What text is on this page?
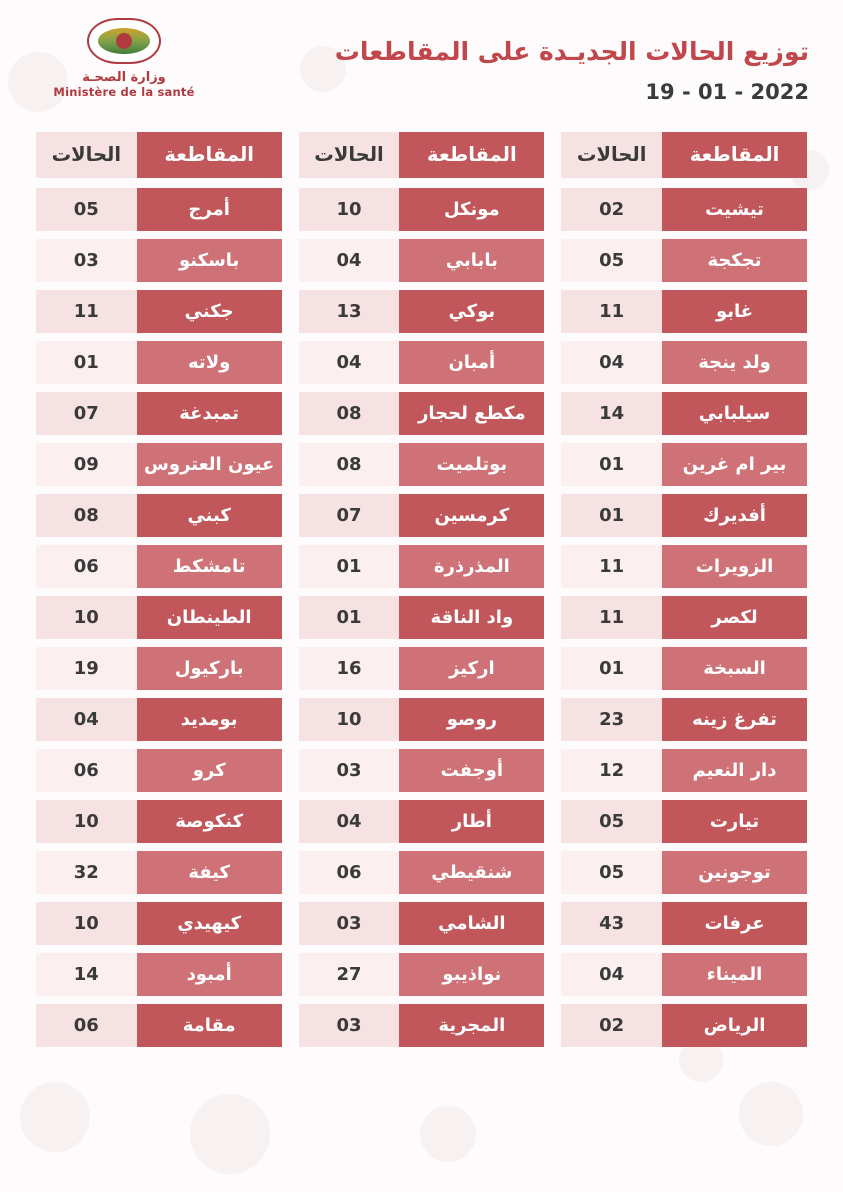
توزيع الحالات الجديـدة على المقاطعات
19 - 01 - 2022
وزارة الصحـة
Ministère de la santé
المقاطعة
الحالات
تيشيت
02
تجكجة
05
غابو
11
ولد ينجة
04
سيلبابي
14
بير ام غرين
01
أفديرك
01
الزويرات
11
لكصر
11
السبخة
01
تفرغ زينه
23
دار النعيم
12
تيارت
05
توجونين
05
عرفات
43
الميناء
04
الرياض
02
المقاطعة
الحالات
مونكل
10
بابابي
04
بوكي
13
أمبان
04
مكطع لحجار
08
بوتلميت
08
كرمسين
07
المذرذرة
01
واد الناقة
01
اركيز
16
روصو
10
أوجفت
03
أطار
04
شنقيطي
06
الشامي
03
نواذيبو
27
المجرية
03
المقاطعة
الحالات
أمرج
05
باسكنو
03
جكني
11
ولاته
01
تمبدغة
07
عيون العتروس
09
كبني
08
تامشكط
06
الطينطان
10
باركيول
19
بومديد
04
كرو
06
كنكوصة
10
كيفة
32
كيهيدي
10
أمبود
14
مقامة
06
